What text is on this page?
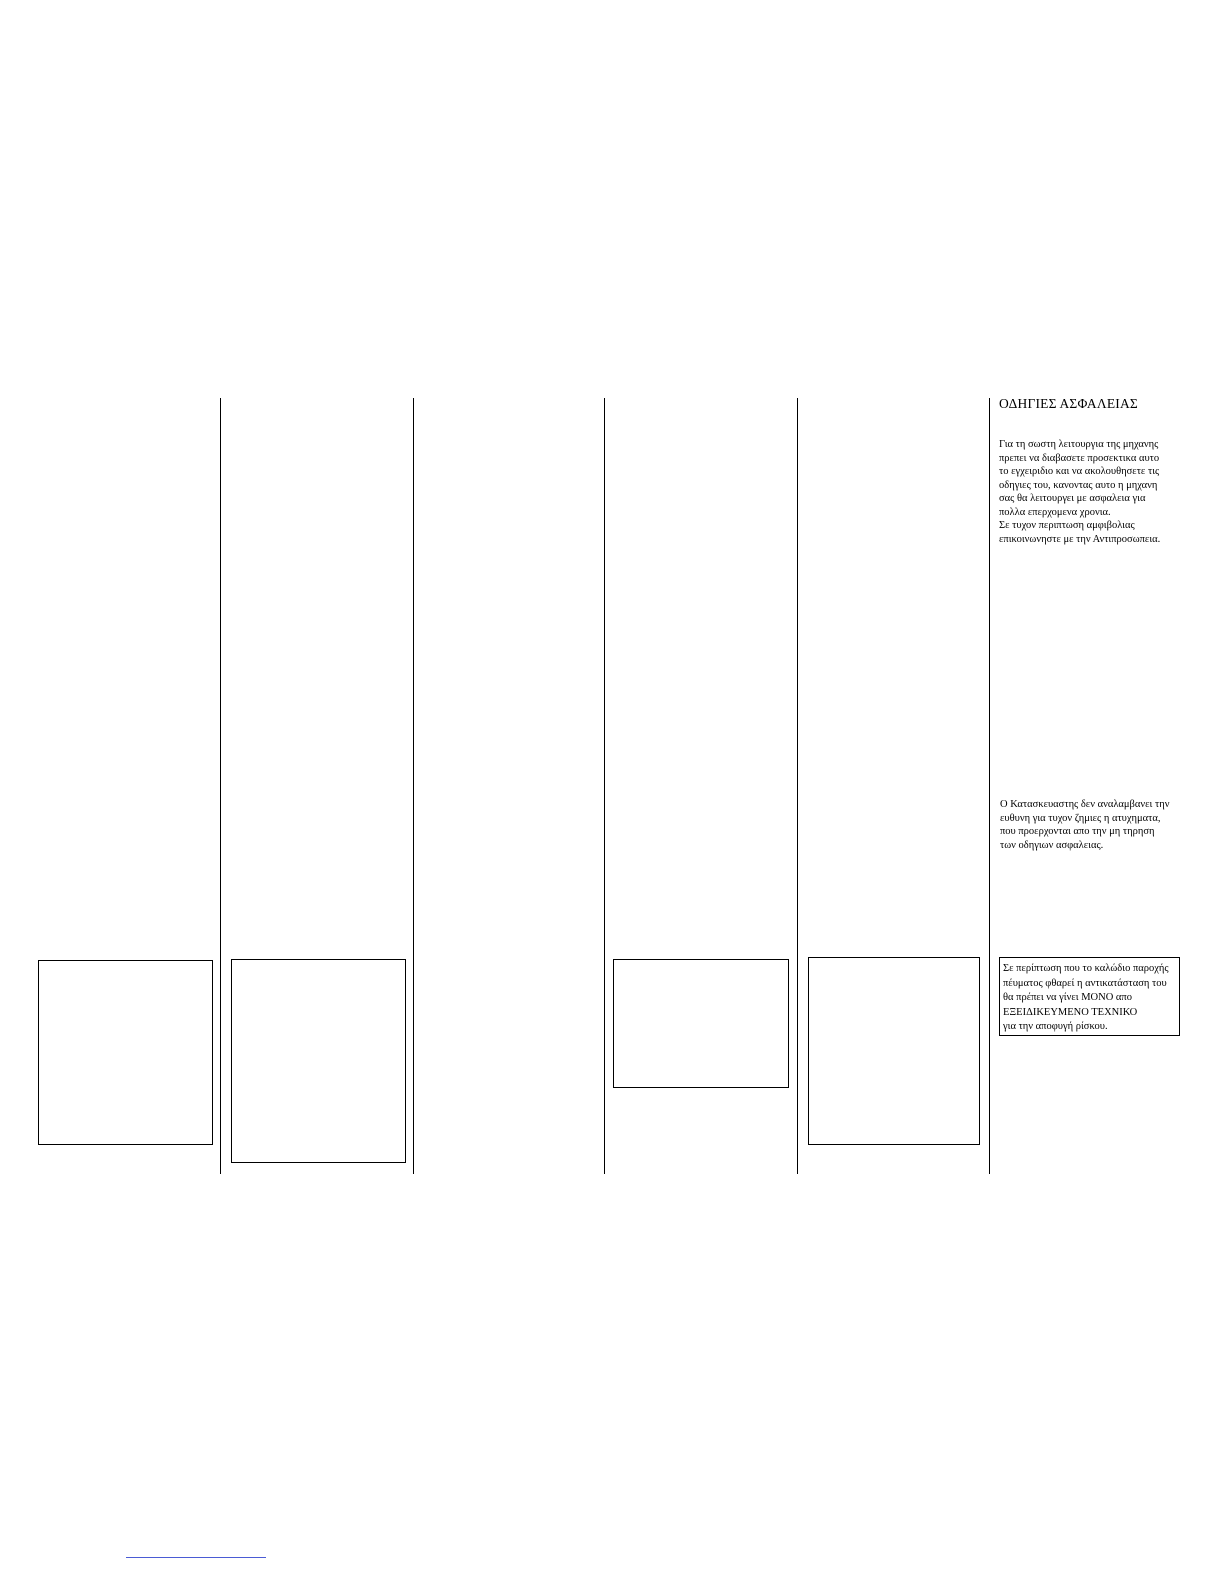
ΟΔΗΓΙΕΣ ΑΣΦΑΛΕΙΑΣ

Για τη σωστη λειτουργια της μηχανης
πρεπει να διαβασετε προσεκτικα αυτο
το εγχειριδιο και να ακολουθησετε τις
οδηγιες του, κανοντας αυτο η μηχανη
σας θα λειτουργει με ασφαλεια για
πολλα επερχομενα χρονια.
Σε τυχον περιπτωση αμφιβολιας
επικοινωνηστε με την Αντιπροσωπεια.

Ο Κατασκευαστης δεν αναλαμβανει την
ευθυνη για τυχον ζημιες η ατυχηματα,
που προερχονται απο την μη τηρηση
των οδηγιων ασφαλειας.

Σε περίπτωση που το καλώδιο παροχής
πέυματος φθαρεί η αντικατάσταση του
θα πρέπει να γίνει ΜΟΝΟ απο
ΕΞΕΙΔΙΚΕΥΜΕΝΟ ΤΕΧΝΙΚΟ
για την αποφυγή ρίσκου.
